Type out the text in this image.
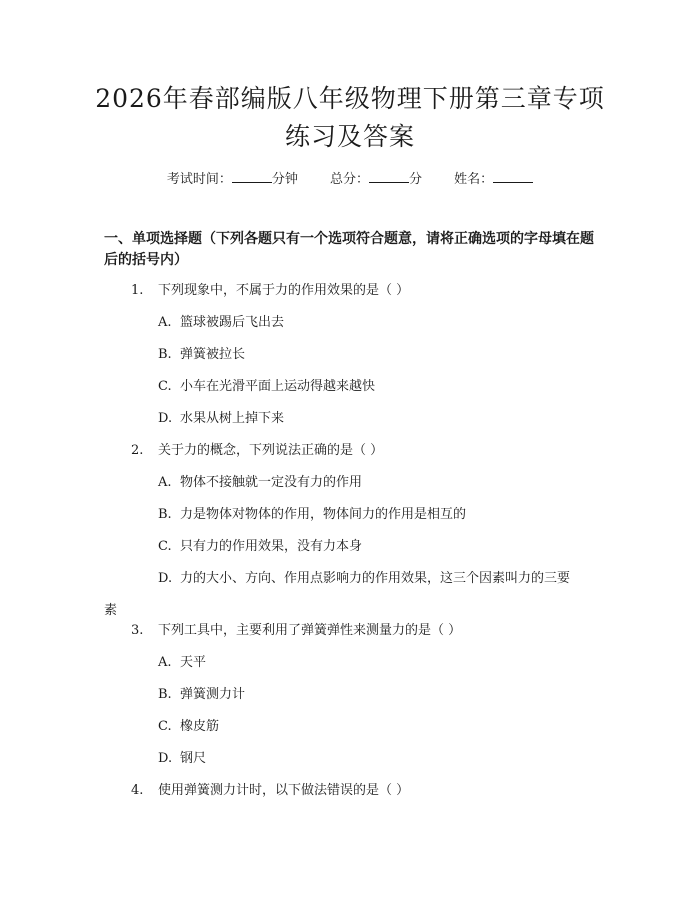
2026年春部编版八年级物理下册第三章专项
练习及答案
考试时间：	分钟 总分：	分 姓名：
一、单项选择题（下列各题只有一个选项符合题意，请将正确选项的字母填在题后的括号内）
1. 下列现象中，不属于力的作用效果的是（ ）
A. 篮球被踢后飞出去
B. 弹簧被拉长
C. 小车在光滑平面上运动得越来越快
D. 水果从树上掉下来
2. 关于力的概念，下列说法正确的是（ ）
A. 物体不接触就一定没有力的作用
B. 力是物体对物体的作用，物体间力的作用是相互的
C. 只有力的作用效果，没有力本身
D. 力的大小、方向、作用点影响力的作用效果，这三个因素叫力的三要
素
3. 下列工具中，主要利用了弹簧弹性来测量力的是（ ）
A. 天平
B. 弹簧测力计
C. 橡皮筋
D. 钢尺
4. 使用弹簧测力计时，以下做法错误的是（ ）
